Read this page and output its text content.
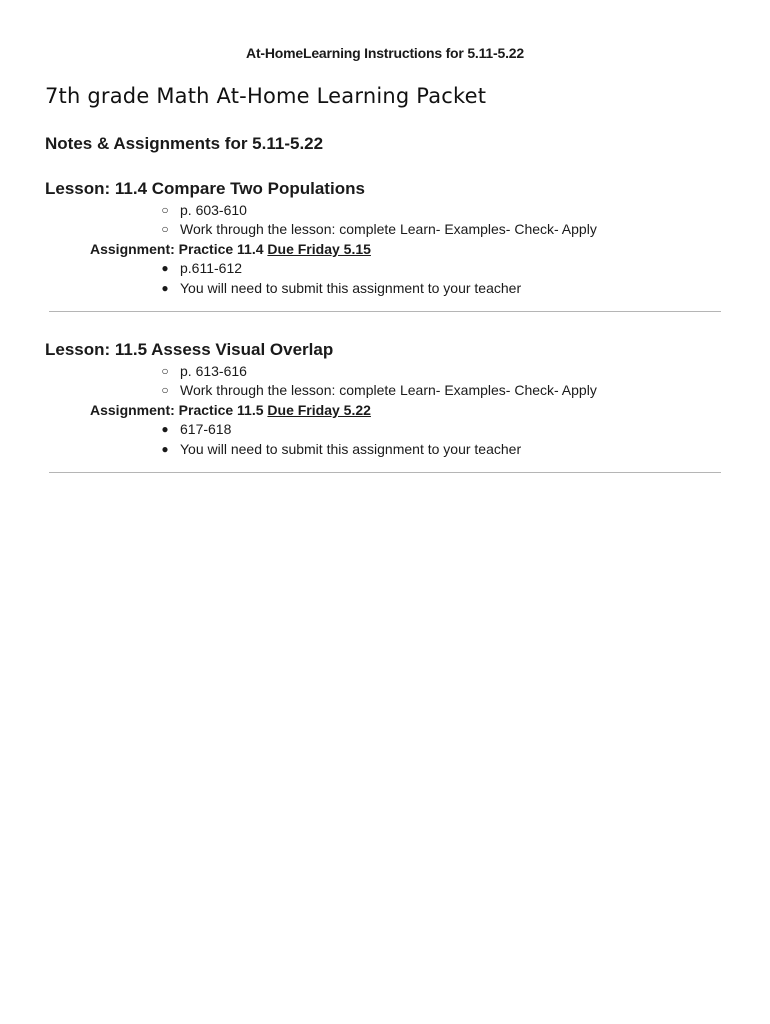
At-HomeLearning Instructions for 5.11-5.22
7th grade Math At-Home Learning Packet
Notes & Assignments for 5.11-5.22
Lesson: 11.4 Compare Two Populations
○ p. 603-610
○ Work through the lesson: complete Learn- Examples- Check- Apply
Assignment: Practice 11.4 Due Friday 5.15
● p.611-612
● You will need to submit this assignment to your teacher
Lesson: 11.5 Assess Visual Overlap
○ p. 613-616
○ Work through the lesson: complete Learn- Examples- Check- Apply
Assignment: Practice 11.5 Due Friday 5.22
● 617-618
● You will need to submit this assignment to your teacher
